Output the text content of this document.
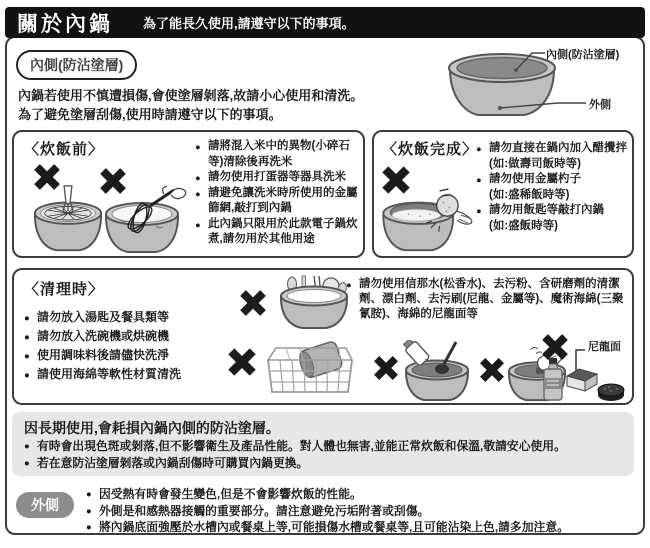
關於內鍋 為了能長久使用,請遵守以下的事項。
內側(防沾塗層)
內鍋若使用不慎遭損傷,會使塗層剝落,故請小心使用和清洗。
為了避免塗層刮傷,使用時請遵守以下的事項。
內側(防沾塗層)
外側
〈炊飯前〉	● 請將混入米中的異物(小碎石等)清除後再洗米
● 請勿使用打蛋器等器具洗米
● 請避免讓洗米時所使用的金屬篩網,敲打到內鍋
● 此內鍋只限用於此款電子鍋炊煮,請勿用於其他用途
〈炊飯完成〉 ● 請勿直接在鍋內加入醋攪拌
(如:做壽司飯時等)
● 請勿使用金屬杓子
(如:盛稀飯時等)
● 請勿用飯匙等敲打內鍋
(如:盛飯時等)
〈清理時〉
● 請勿放入湯匙及餐具類等
● 請勿放入洗碗機或烘碗機
● 使用調味料後請儘快洗淨
● 請使用海綿等軟性材質清洗
● 請勿使用信那水(松香水)、去污粉、含研磨劑的清潔劑、漂白劑、去污刷(尼龍、金屬等)、魔術海綿(三聚氰胺)、海綿的尼龍面等
尼龍面
因長期使用,會耗損內鍋內側的防沾塗層。
● 有時會出現色斑或剝落,但不影響衛生及產品性能。對人體也無害,並能正常炊飯和保溫,敬請安心使用。
● 若在意防沾塗層剝落或內鍋刮傷時可購買內鍋更換。
外側
● 因受熱有時會發生變色,但是不會影響炊飯的性能。
● 外側是和感熱器接觸的重要部分。請注意避免污垢附著或刮傷。
● 將內鍋底面強壓於水槽內或餐桌上等,可能損傷水槽或餐桌等,且可能沾染上色,請多加注意。
